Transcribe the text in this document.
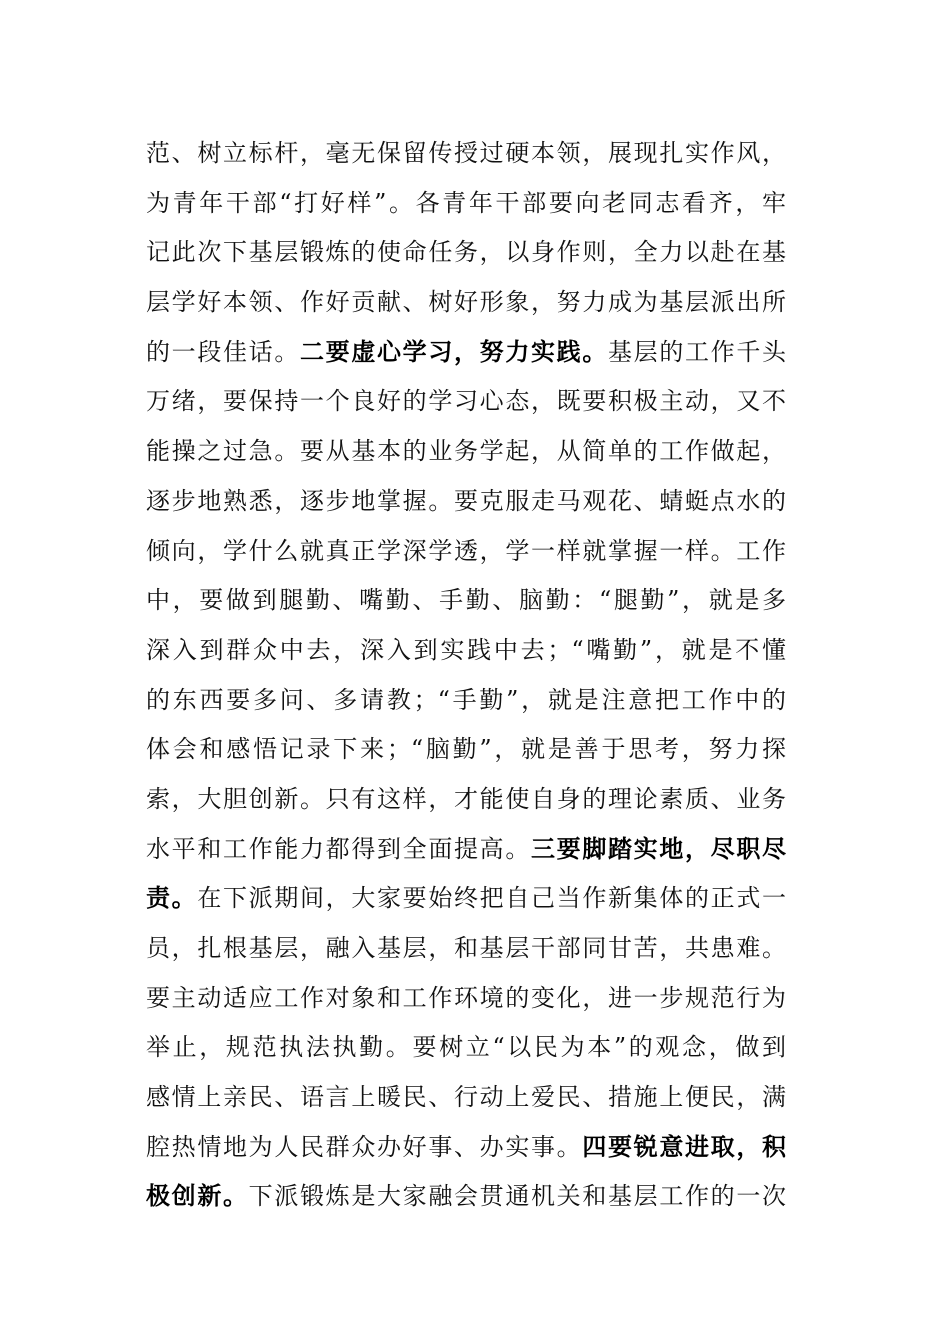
范、树立标杆，毫无保留传授过硬本领，展现扎实作风，
为青年干部“打好样”。各青年干部要向老同志看齐，牢
记此次下基层锻炼的使命任务，以身作则，全力以赴在基
层学好本领、作好贡献、树好形象，努力成为基层派出所
的一段佳话。二要虚心学习，努力实践。基层的工作千头
万绪，要保持一个良好的学习心态，既要积极主动，又不
能操之过急。要从基本的业务学起，从简单的工作做起，
逐步地熟悉，逐步地掌握。要克服走马观花、蜻蜓点水的
倾向，学什么就真正学深学透，学一样就掌握一样。工作
中，要做到腿勤、嘴勤、手勤、脑勤：“腿勤”，就是多
深入到群众中去，深入到实践中去；“嘴勤”，就是不懂
的东西要多问、多请教；“手勤”，就是注意把工作中的
体会和感悟记录下来；“脑勤”，就是善于思考，努力探
索，大胆创新。只有这样，才能使自身的理论素质、业务
水平和工作能力都得到全面提高。三要脚踏实地，尽职尽
责。在下派期间，大家要始终把自己当作新集体的正式一
员，扎根基层，融入基层，和基层干部同甘苦，共患难。
要主动适应工作对象和工作环境的变化，进一步规范行为
举止，规范执法执勤。要树立“以民为本”的观念，做到
感情上亲民、语言上暖民、行动上爱民、措施上便民，满
腔热情地为人民群众办好事、办实事。四要锐意进取，积
极创新。下派锻炼是大家融会贯通机关和基层工作的一次
